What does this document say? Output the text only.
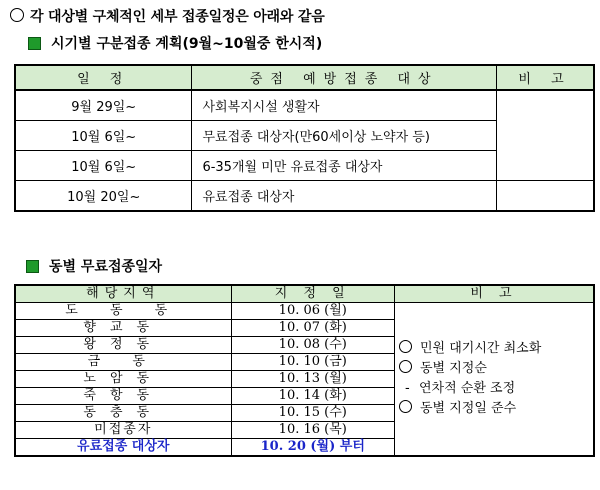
각 대상별 구체적인 세부 접종일정은 아래와 같음
시기별 구분접종 계획(9월~10월중 한시적)
일 정	중점 예방접종 대상	비 고
9월 29일~	사회복지시설 생활자	
10월 6일~	무료접종 대상자(만60세이상 노약자 등)	
10월 6일~	6-35개월 미만 유료접종 대상자	
10월 20일~	유료접종 대상자	
동별 무료접종일자
해당지역	지 정 일	비 고
도 동 동	10. 06 (월)	민원 대기시간 최소화
동별 지정순
- 연차적 순환 조정
동별 지정일 준수

향교동	10. 07 (화)	
왕정동	10. 08 (수)	
금 동	10. 10 (금)	
노암동	10. 13 (월)	
죽항동	10. 14 (화)	
동충동	10. 15 (수)	
미접종자	10. 16 (목)	
유료접종 대상자	10. 20 (월) 부터	
